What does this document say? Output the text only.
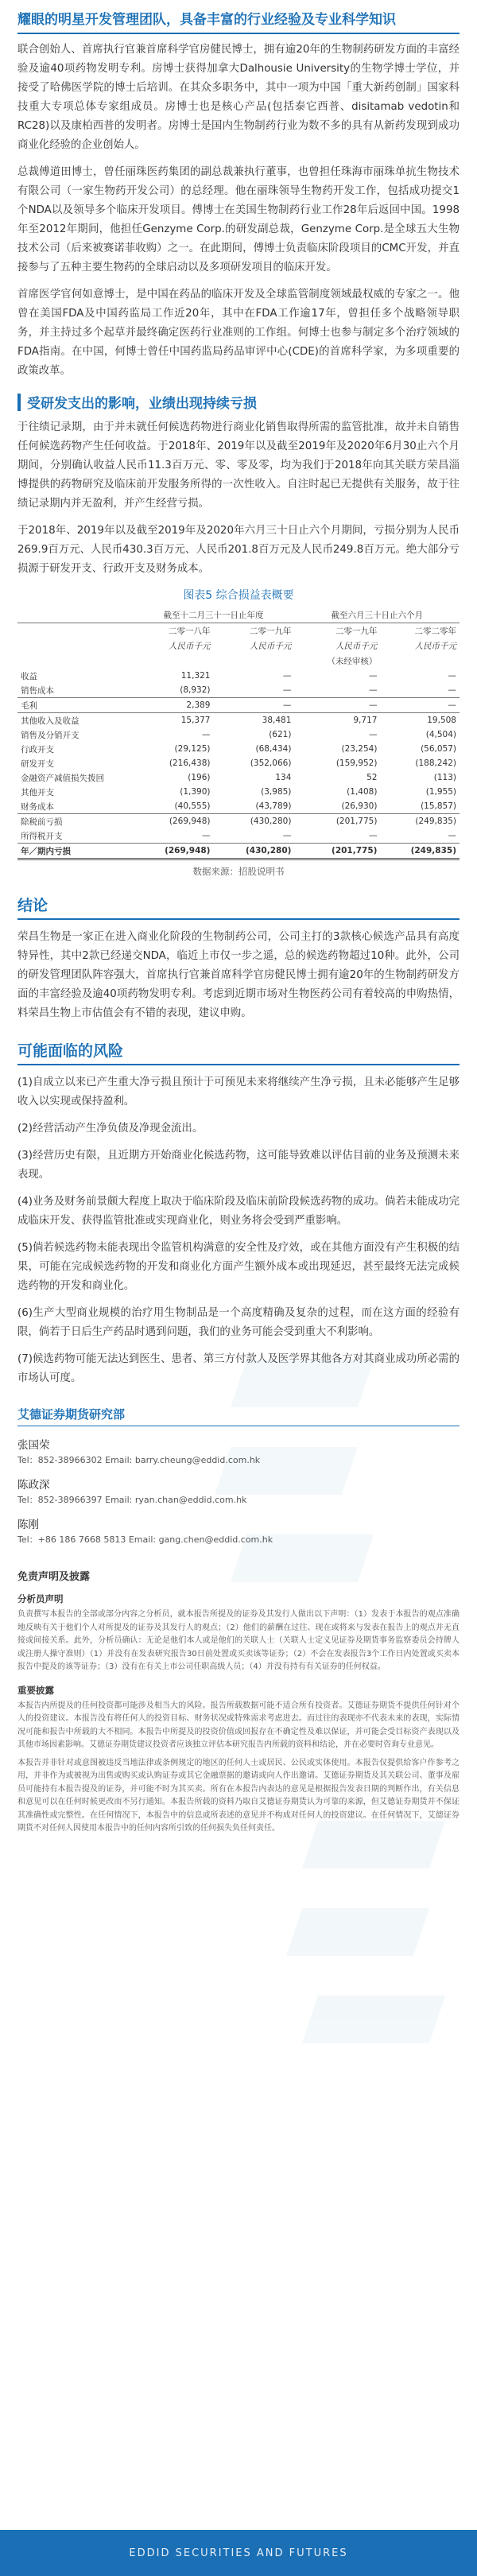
耀眼的明星开发管理团队，具备丰富的行业经验及专业科学知识

联合创始人、首席执行官兼首席科学官房健民博士，拥有逾20年的生物制药研发方面的丰富经验及逾40项药物发明专利。房博士获得加拿大Dalhousie University的生物学博士学位，并接受了哈佛医学院的博士后培训。在其众多职务中，其中一项为中国「重大新药创制」国家科技重大专项总体专家组成员。房博士也是核心产品(包括泰它西普、disitamab vedotin和RC28)以及康柏西普的发明者。房博士是国内生物制药行业为数不多的具有从新药发现到成功商业化经验的企业创始人。

总裁傅道田博士，曾任丽珠医药集团的副总裁兼执行董事，也曾担任珠海市丽珠单抗生物技术有限公司（一家生物药开发公司）的总经理。他在丽珠领导生物药开发工作，包括成功提交1个NDA以及领导多个临床开发项目。傅博士在美国生物制药行业工作28年后返回中国。1998年至2012年期间，他担任Genzyme Corp.的研发副总裁，Genzyme Corp.是全球五大生物技术公司（后来被赛诺菲收购）之一。在此期间，傅博士负责临床阶段项目的CMC开发，并直接参与了五种主要生物药的全球启动以及多项研发项目的临床开发。

首席医学官何如意博士，是中国在药品的临床开发及全球监管制度领域最权威的专家之一。他曾在美国FDA及中国药监局工作近20年，其中在FDA工作逾17年，曾担任多个战略领导职务，并主持过多个起草并最终确定医药行业准则的工作组。何博士也参与制定多个治疗领域的FDA指南。在中国，何博士曾任中国药监局药品审评中心(CDE)的首席科学家，为多项重要的政策改革。

受研发支出的影响，业绩出现持续亏损

于往绩记录期，由于并未就任何候选药物进行商业化销售取得所需的监管批准，故并未自销售任何候选药物产生任何收益。于2018年、2019年以及截至2019年及2020年6月30止六个月期间，分别确认收益人民币11.3百万元、零、零及零，均为我们于2018年向其关联方荣昌淄博提供的药物研究及临床前开发服务所得的一次性收入。自注时起已无提供有关服务，故于往绩记录期内并无盈利，并产生经营亏损。

于2018年、2019年以及截至2019年及2020年六月三十日止六个月期间，亏损分别为人民币269.9百万元、人民币430.3百万元、人民币201.8百万元及人民币249.8百万元。绝大部分亏损源于研发开支、行政开支及财务成本。

图表5 综合损益表概要
	截至十二月三十一日止年度		截至六月三十日止六个月	
	二零一八年	二零一九年	二零一九年	二零二零年
	人民币千元	人民币千元	人民币千元	人民币千元
			（未经审核）	
收益	11,321	—	—	—
销售成本	(8,932)	—	—	—
毛利	2,389	—	—	—
其他收入及收益	15,377	38,481	9,717	19,508
销售及分销开支	—	(621)	—	(4,504)
行政开支	(29,125)	(68,434)	(23,254)	(56,057)
研发开支	(216,438)	(352,066)	(159,952)	(188,242)
金融资产减值损失拨回	(196)	134	52	(113)
其他开支	(1,390)	(3,985)	(1,408)	(1,955)
财务成本	(40,555)	(43,789)	(26,930)	(15,857)
除税前亏损	(269,948)	(430,280)	(201,775)	(249,835)
所得税开支	—	—	—	—
年／期内亏损	(269,948)	(430,280)	(201,775)	(249,835)
数据来源：招股说明书
结论

荣昌生物是一家正在进入商业化阶段的生物制药公司，公司主打的3款核心候选产品具有高度特异性，其中2款已经递交NDA，临近上市仅一步之遥，总的候选药物超过10种。此外，公司的研发管理团队阵容强大，首席执行官兼首席科学官房健民博士拥有逾20年的生物制药研发方面的丰富经验及逾40项药物发明专利。考虑到近期市场对生物医药公司有着较高的申购热情，料荣昌生物上市估值会有不错的表现，建议申购。

可能面临的风险

(1)自成立以来已产生重大净亏损且预计于可预见未来将继续产生净亏损，且未必能够产生足够收入以实现或保持盈利。

(2)经营活动产生净负债及净现金流出。

(3)经营历史有限，且近期方开始商业化候选药物，这可能导致难以评估目前的业务及预测未来表现。

(4)业务及财务前景颇大程度上取决于临床阶段及临床前阶段候选药物的成功。倘若未能成功完成临床开发、获得监管批准或实现商业化，则业务将会受到严重影响。

(5)倘若候选药物未能表现出令监管机构满意的安全性及疗效，或在其他方面没有产生积极的结果，可能在完成候选药物的开发和商业化方面产生额外成本或出现延迟，甚至最终无法完成候选药物的开发和商业化。

(6)生产大型商业规模的治疗用生物制品是一个高度精确及复杂的过程，而在这方面的经验有限，倘若于日后生产药品时遇到问题，我们的业务可能会受到重大不利影响。

(7)候选药物可能无法达到医生、患者、第三方付款人及医学界其他各方对其商业成功所必需的市场认可度。

艾德证券期货研究部
张国荣
Tel：852-38966302 Email: barry.cheung@eddid.com.hk
陈政深
Tel：852-38966397 Email: ryan.chan@eddid.com.hk
陈刚
Tel：+86 186 7668 5813 Email: gang.chen@eddid.com.hk
免责声明及披露
分析员声明

负责撰写本报告的全部或部分内容之分析员，就本报告所提及的证券及其发行人做出以下声明：（1）发表于本报告的观点准确地反映有关于他们个人对所提及的证券及其发行人的观点；（2）他们的薪酬在过往、现在或将来与发表在报告上的观点并无直接或间接关系。此外，分析员确认：无论是他们本人或是他们的关联人士（关联人士定义见证券及期货事务监察委员会持牌人或注册人操守准则）（1）并没有在发表研究报告30日前处置或买卖该等证券；（2）不会在发表报告3个工作日内处置或买卖本报告中提及的该等证券；（3）没有在有关上市公司任职高级人员；（4）并没有持有有关证券的任何权益。

重要披露

本报告内所提及的任何投资都可能涉及相当大的风险。报告所载数据可能不适合所有投资者。艾德证券期货不提供任何针对个人的投资建议。本报告没有将任何人的投资目标、财务状况或特殊需求考虑进去。而过往的表现亦不代表未来的表现，实际情况可能和报告中所载的大不相同。本报告中所提及的投资价值或回报存在不确定性及难以保证，并可能会受目标资产表现以及其他市场因素影响。艾德证券期货建议投资者应该独立评估本研究报告内所载的资料和结论，并在必要时咨询专业意见。

本报告并非针对或意图被违反当地法律或条例规定的地区的任何人士或居民、公民或实体使用。本报告仅提供给客户作参考之用，并非作为或被视为出售或购买或认购证券或其它金融票据的邀请或向人作出邀请。艾德证券期货及其关联公司、董事及雇员可能持有本报告提及的证券，并可能不时为其买卖。所有在本报告内表达的意见是根据报告发表日期的判断作出，有关信息和意见可以在任何时候更改而不另行通知。本报告所载的资料乃取自艾德证券期货认为可靠的来源，但艾德证券期货并不保证其准确性或完整性。在任何情况下，本报告中的信息或所表述的意见并不构成对任何人的投资建议。在任何情况下，艾德证券期货不对任何人因使用本报告中的任何内容所引致的任何损失负任何责任。

EDDID SECURITIES AND FUTURES
